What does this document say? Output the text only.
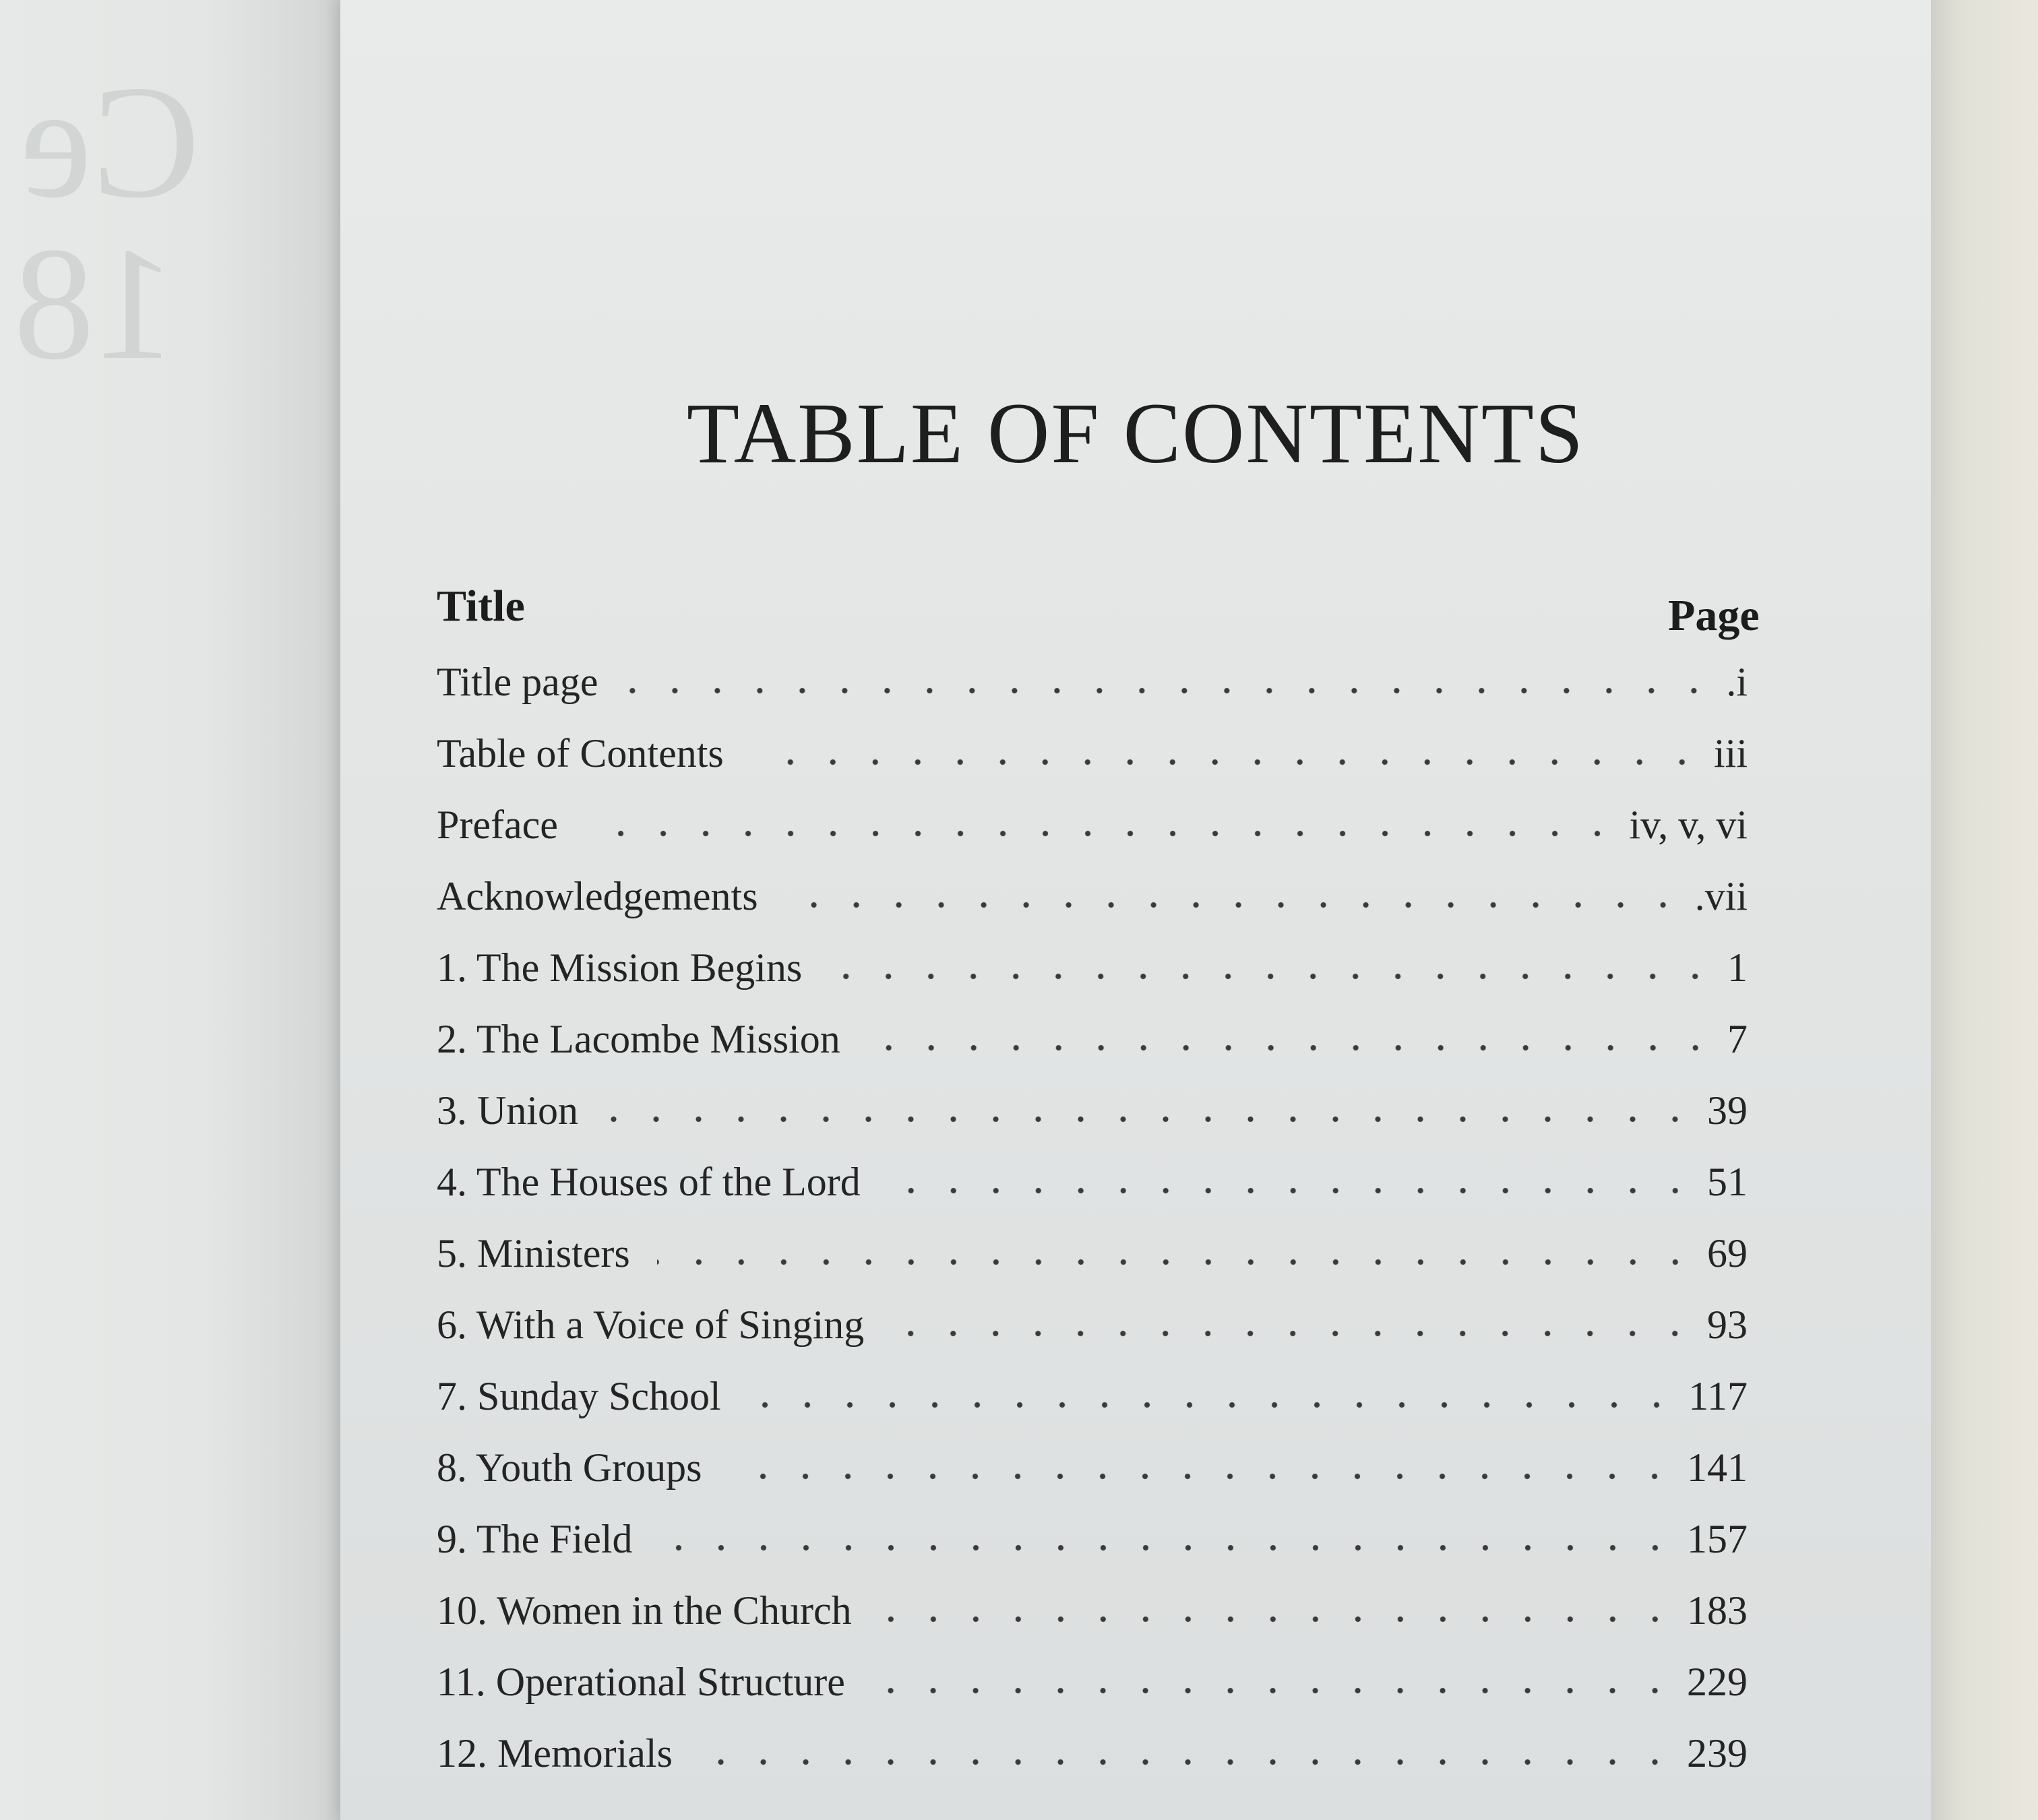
Ce
18
TABLE OF CONTENTS
Title	Page
Title page	.i
Table of Contents	iii
Preface	iv, v, vi
Acknowledgements	.vii
1. The Mission Begins	1
2. The Lacombe Mission	7
3. Union	39
4. The Houses of the Lord	51
5. Ministers	69
6. With a Voice of Singing	93
7. Sunday School	117
8. Youth Groups	141
9. The Field	157
10. Women in the Church	183
11. Operational Structure	229
12. Memorials	239
